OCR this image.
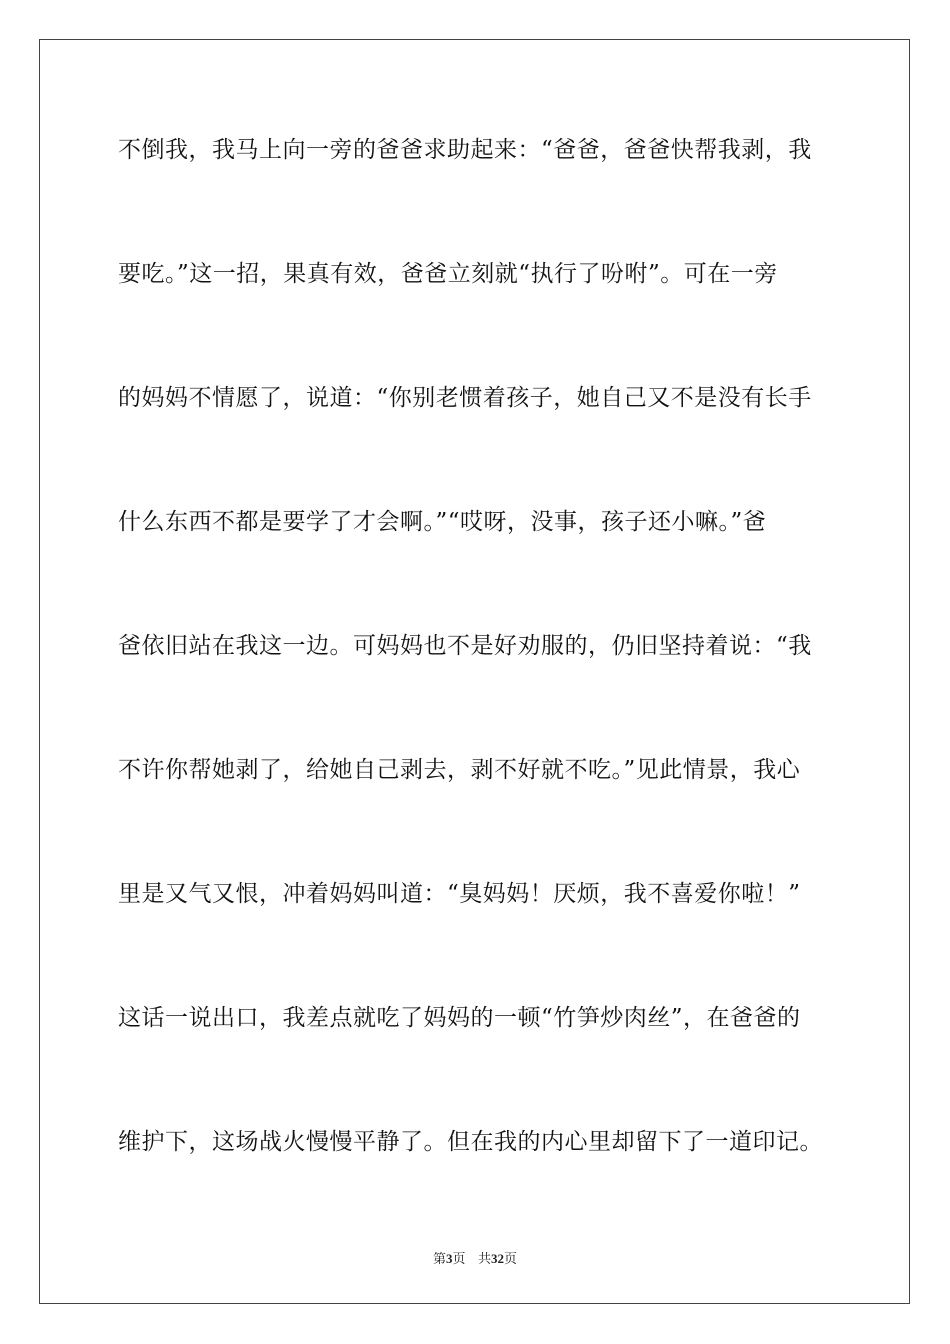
不倒我，我马上向一旁的爸爸求助起来：“爸爸，爸爸快帮我剥，我
要吃。”这一招，果真有效，爸爸立刻就“执行了吩咐”。可在一旁
的妈妈不情愿了，说道：“你别老惯着孩子，她自己又不是没有长手
什么东西不都是要学了才会啊。”“哎呀，没事，孩子还小嘛。”爸
爸依旧站在我这一边。可妈妈也不是好劝服的，仍旧坚持着说：“我
不许你帮她剥了，给她自己剥去，剥不好就不吃。”见此情景，我心
里是又气又恨，冲着妈妈叫道：“臭妈妈！厌烦，我不喜爱你啦！”
这话一说出口，我差点就吃了妈妈的一顿“竹笋炒肉丝”，在爸爸的
维护下，这场战火慢慢平静了。但在我的内心里却留下了一道印记。
第3页 共32页
